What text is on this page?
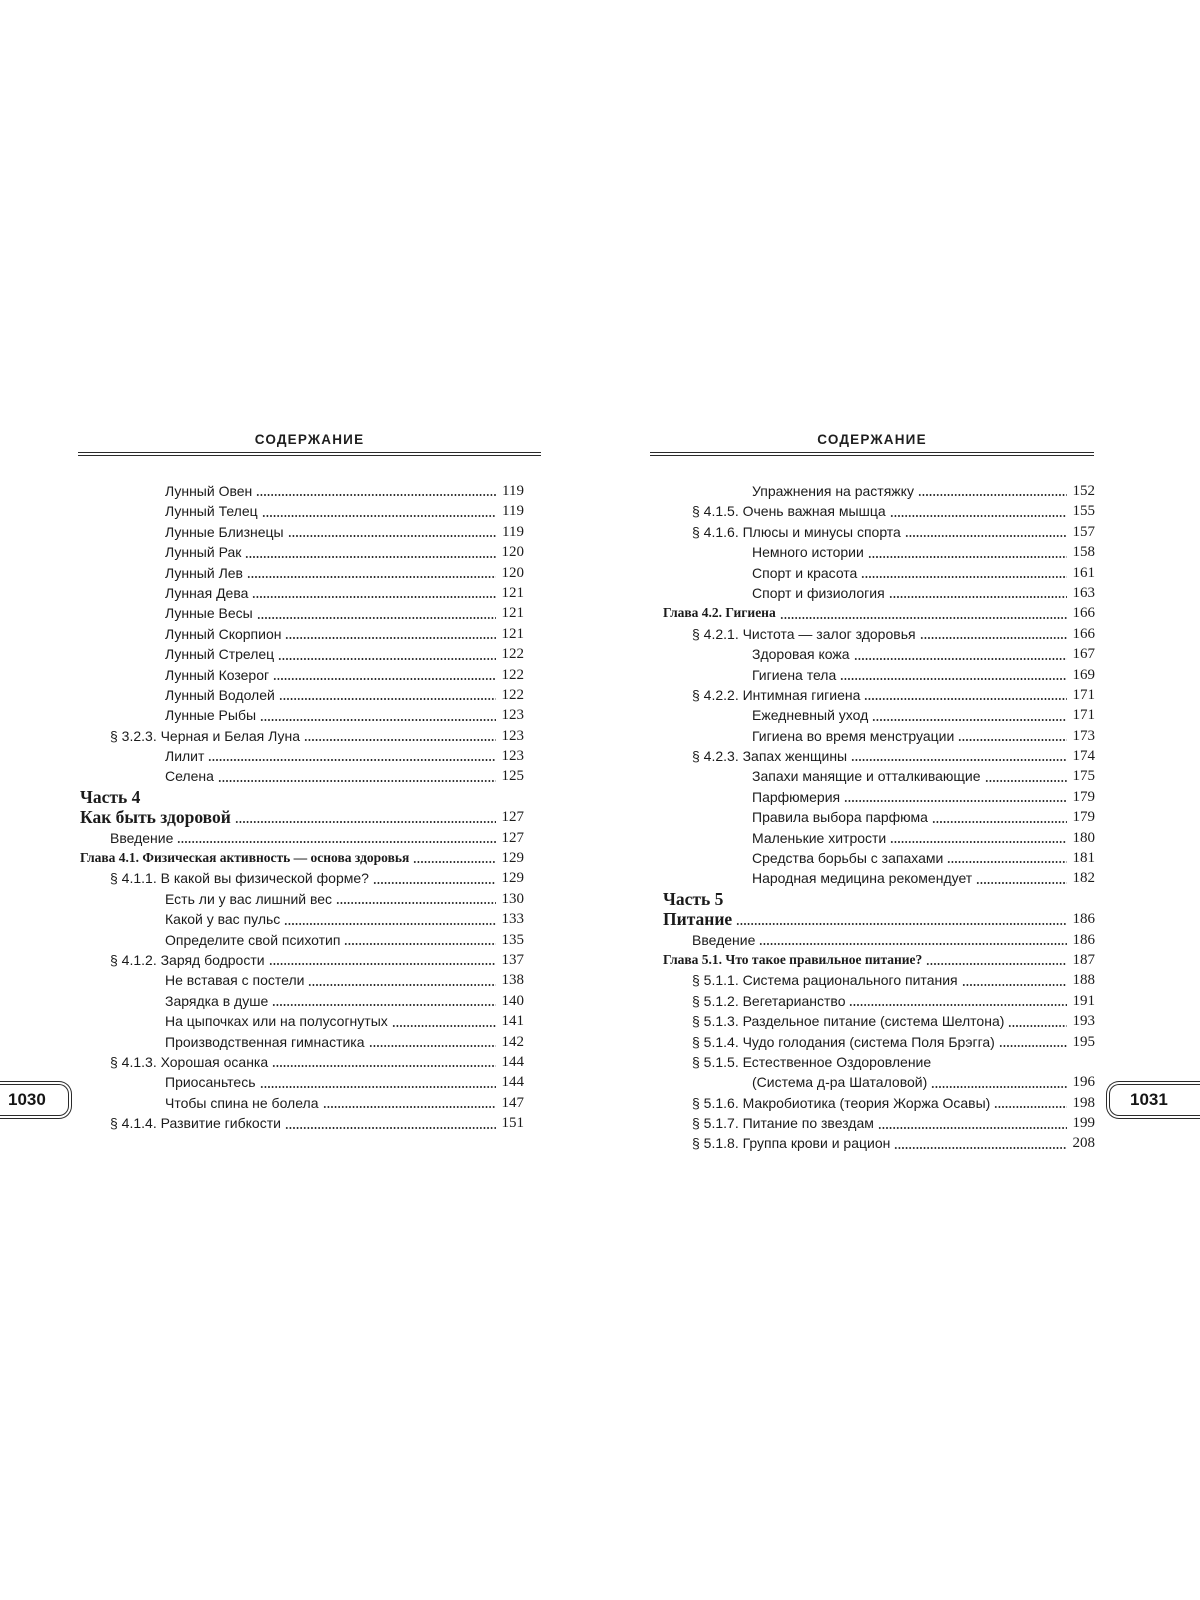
СОДЕРЖАНИЕ
Лунный Овен	119
Лунный Телец	119
Лунные Близнецы	119
Лунный Рак	120
Лунный Лев	120
Лунная Дева	121
Лунные Весы	121
Лунный Скорпион	121
Лунный Стрелец	122
Лунный Козерог	122
Лунный Водолей	122
Лунные Рыбы	123
§ 3.2.3. Черная и Белая Луна	123
Лилит	123
Селена	125
Часть 4
Как быть здоровой	127
Введение	127
Глава 4.1. Физическая активность — основа здоровья	129
§ 4.1.1. В какой вы физической форме?	129
Есть ли у вас лишний вес	130
Какой у вас пульс	133
Определите свой психотип	135
§ 4.1.2. Заряд бодрости	137
Не вставая с постели	138
Зарядка в душе	140
На цыпочках или на полусогнутых	141
Производственная гимнастика	142
§ 4.1.3. Хорошая осанка	144
Приосаньтесь	144
Чтобы спина не болела	147
§ 4.1.4. Развитие гибкости	151
1030
СОДЕРЖАНИЕ
Упражнения на растяжку	152
§ 4.1.5. Очень важная мышца	155
§ 4.1.6. Плюсы и минусы спорта	157
Немного истории	158
Спорт и красота	161
Спорт и физиология	163
Глава 4.2. Гигиена	166
§ 4.2.1. Чистота — залог здоровья	166
Здоровая кожа	167
Гигиена тела	169
§ 4.2.2. Интимная гигиена	171
Ежедневный уход	171
Гигиена во время менструации	173
§ 4.2.3. Запах женщины	174
Запахи манящие и отталкивающие	175
Парфюмерия	179
Правила выбора парфюма	179
Маленькие хитрости	180
Средства борьбы с запахами	181
Народная медицина рекомендует	182
Часть 5
Питание	186
Введение	186
Глава 5.1. Что такое правильное питание?	187
§ 5.1.1. Система рационального питания	188
§ 5.1.2. Вегетарианство	191
§ 5.1.3. Раздельное питание (система Шелтона)	193
§ 5.1.4. Чудо голодания (система Поля Брэгга)	195
§ 5.1.5. Естественное Оздоровление
(Система д-ра Шаталовой)	196
§ 5.1.6. Макробиотика (теория Жоржа Осавы)	198
§ 5.1.7. Питание по звездам	199
§ 5.1.8. Группа крови и рацион	208
1031
